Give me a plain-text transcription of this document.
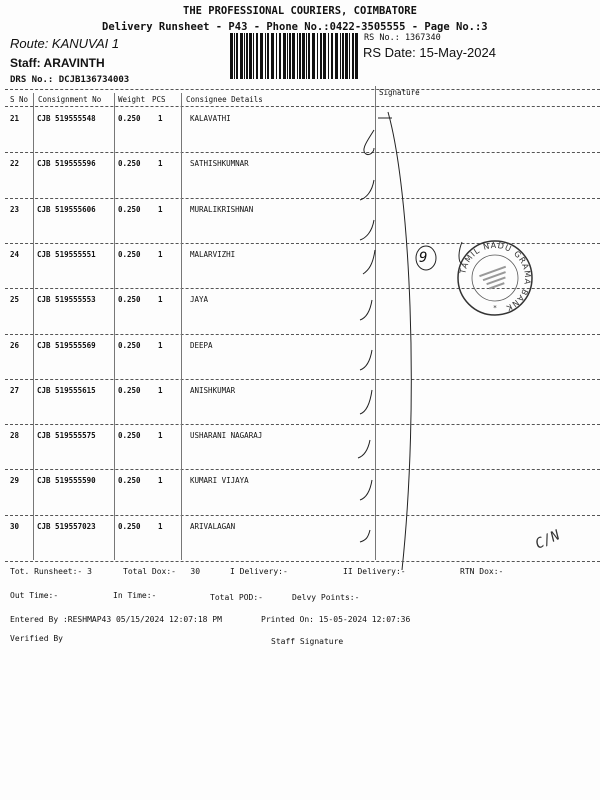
THE PROFESSIONAL COURIERS, COIMBATORE
Delivery Runsheet - P43 - Phone No.:0422-3505555 - Page No.:3
Route: KANUVAI 1
Staff: ARAVINTH
DRS No.: DCJB136734003
RS No.: 1367340
RS Date: 15-May-2024
S No Consignment No Weight PCS	Consignee Details
Signature
21 CJB 519555548	0.250 1	KALAVATHI
22 CJB 519555596	0.250 1	SATHISHKUMNAR
23 CJB 519555606	0.250 1	MURALIKRISHNAN
24 CJB 519555551	0.250 1	MALARVIZHI
25 CJB 519555553	0.250 1	JAYA
26 CJB 519555569	0.250 1	DEEPA
27 CJB 519555615	0.250 1	ANISHKUMAR
28 CJB 519555575	0.250 1	USHARANI NAGARAJ
29 CJB 519555590	0.250 1	KUMARI VIJAYA
30 CJB 519557023	0.250 1	ARIVALAGAN
9
C/N
TAMIL NADU GRAMA BANK
*
Tot. Runsheet:- 3	Total Dox:-   30	I Delivery:-	II Delivery:-	RTN Dox:-
Out Time:-	In Time:-	Total POD:-	Delvy Points:-
Entered By :RESHMAP43 05/15/2024 12:07:18 PM	Printed On: 15-05-2024 12:07:36
Verified By	Staff Signature
